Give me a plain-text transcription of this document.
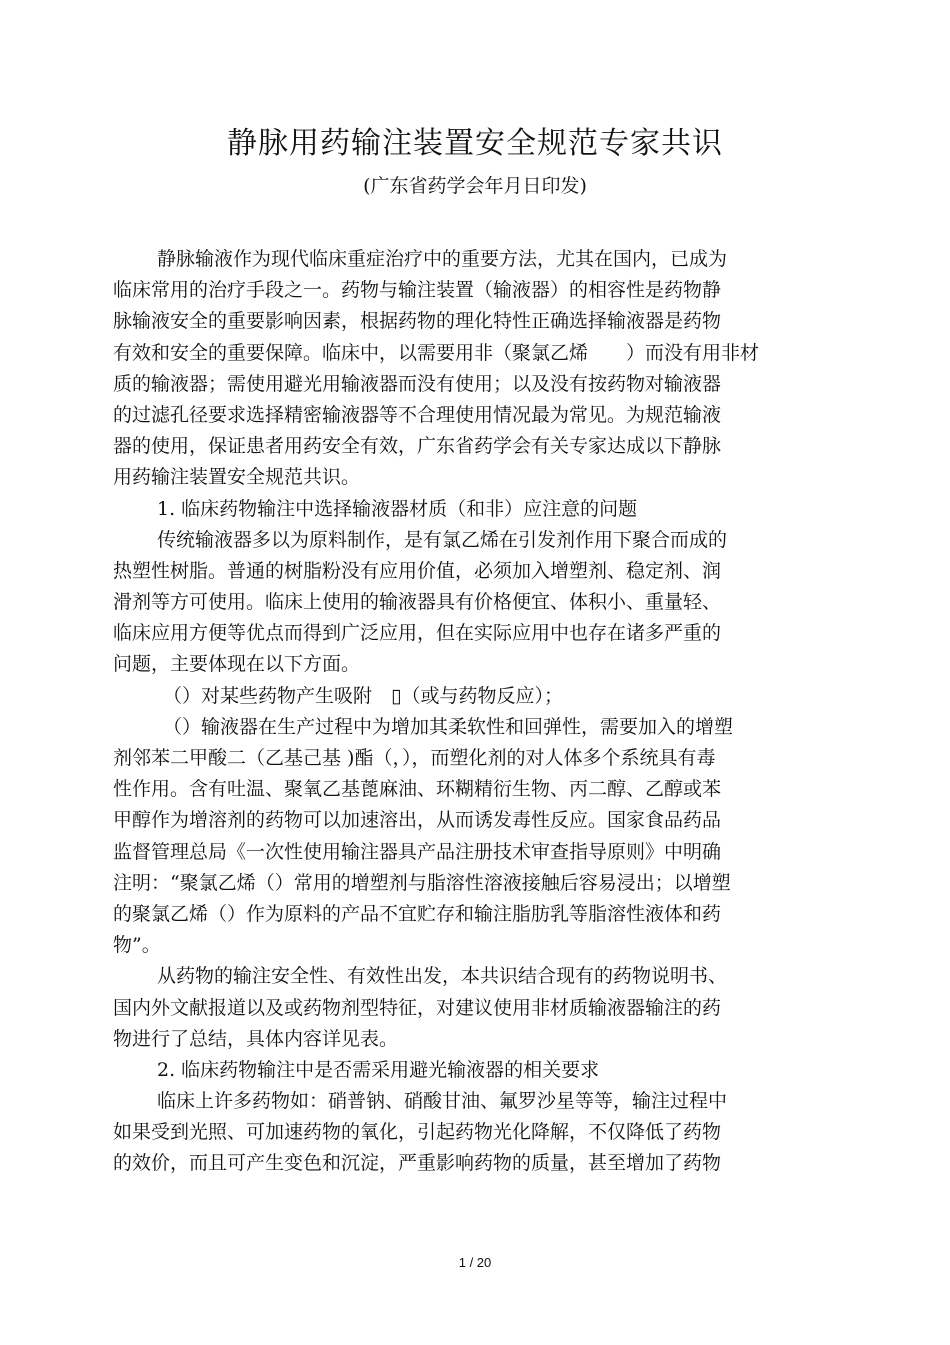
静脉用药输注装置安全规范专家共识
(广东省药学会年月日印发)
静脉输液作为现代临床重症治疗中的重要方法，尤其在国内，已成为
临床常用的治疗手段之一。药物与输注装置（输液器）的相容性是药物静
脉输液安全的重要影响因素，根据药物的理化特性正确选择输液器是药物
有效和安全的重要保障。临床中，以需要用非（聚氯乙烯　　）而没有用非材
质的输液器；需使用避光用输液器而没有使用；以及没有按药物对输液器
的过滤孔径要求选择精密输液器等不合理使用情况最为常见。为规范输液
器的使用，保证患者用药安全有效，广东省药学会有关专家达成以下静脉
用药输注装置安全规范共识。
1. 临床药物输注中选择输液器材质（和非）应注意的问题
传统输液器多以为原料制作，是有氯乙烯在引发剂作用下聚合而成的
热塑性树脂。普通的树脂粉没有应用价值，必须加入增塑剂、稳定剂、润
滑剂等方可使用。临床上使用的输液器具有价格便宜、体积小、重量轻、
临床应用方便等优点而得到广泛应用，但在实际应用中也存在诸多严重的
问题，主要体现在以下方面。
（）对某些药物产生吸附　▯（或与药物反应）；
（）输液器在生产过程中为增加其柔软性和回弹性，需要加入的增塑
剂邻苯二甲酸二（乙基己基 )酯（，），而塑化剂的对人体多个系统具有毒
性作用。含有吐温、聚氧乙基蓖麻油、环糊精衍生物、丙二醇、乙醇或苯
甲醇作为增溶剂的药物可以加速溶出，从而诱发毒性反应。国家食品药品
监督管理总局《一次性使用输注器具产品注册技术审查指导原则》中明确
注明：“聚氯乙烯（）常用的增塑剂与脂溶性溶液接触后容易浸出；以增塑
的聚氯乙烯（）作为原料的产品不宜贮存和输注脂肪乳等脂溶性液体和药
物”。
从药物的输注安全性、有效性出发，本共识结合现有的药物说明书、
国内外文献报道以及或药物剂型特征，对建议使用非材质输液器输注的药
物进行了总结，具体内容详见表。
2. 临床药物输注中是否需采用避光输液器的相关要求
临床上许多药物如：硝普钠、硝酸甘油、氟罗沙星等等，输注过程中
如果受到光照、可加速药物的氧化，引起药物光化降解，不仅降低了药物
的效价，而且可产生变色和沉淀，严重影响药物的质量，甚至增加了药物
1 / 20
